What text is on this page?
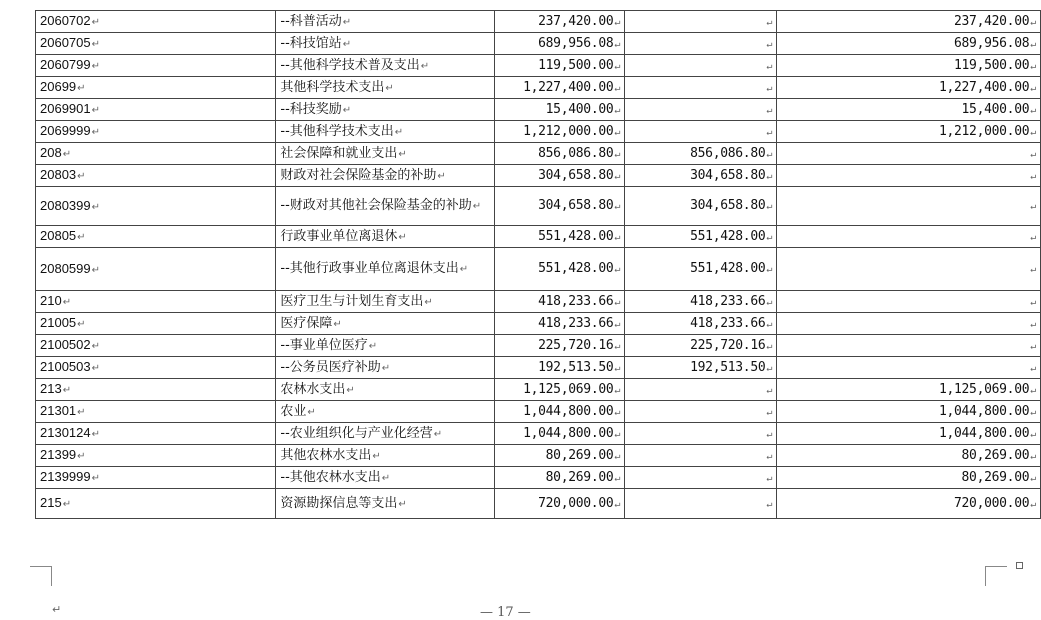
2060702↵	--科普活动↵	237,420.00↵	↵	237,420.00↵
2060705↵	--科技馆站↵	689,956.08↵	↵	689,956.08↵
2060799↵	--其他科学技术普及支出↵	119,500.00↵	↵	119,500.00↵
20699↵	其他科学技术支出↵	1,227,400.00↵	↵	1,227,400.00↵
2069901↵	--科技奖励↵	15,400.00↵	↵	15,400.00↵
2069999↵	--其他科学技术支出↵	1,212,000.00↵	↵	1,212,000.00↵
208↵	社会保障和就业支出↵	856,086.80↵	856,086.80↵	↵
20803↵	财政对社会保险基金的补助↵	304,658.80↵	304,658.80↵	↵
2080399↵	--财政对其他社会保险基金的补助↵	304,658.80↵	304,658.80↵	↵
20805↵	行政事业单位离退休↵	551,428.00↵	551,428.00↵	↵
2080599↵	--其他行政事业单位离退休支出↵	551,428.00↵	551,428.00↵	↵
210↵	医疗卫生与计划生育支出↵	418,233.66↵	418,233.66↵	↵
21005↵	医疗保障↵	418,233.66↵	418,233.66↵	↵
2100502↵	--事业单位医疗↵	225,720.16↵	225,720.16↵	↵
2100503↵	--公务员医疗补助↵	192,513.50↵	192,513.50↵	↵
213↵	农林水支出↵	1,125,069.00↵	↵	1,125,069.00↵
21301↵	农业↵	1,044,800.00↵	↵	1,044,800.00↵
2130124↵	--农业组织化与产业化经营↵	1,044,800.00↵	↵	1,044,800.00↵
21399↵	其他农林水支出↵	80,269.00↵	↵	80,269.00↵
2139999↵	--其他农林水支出↵	80,269.00↵	↵	80,269.00↵
215↵	资源勘探信息等支出↵	720,000.00↵	↵	720,000.00↵
↵	— 17 —
